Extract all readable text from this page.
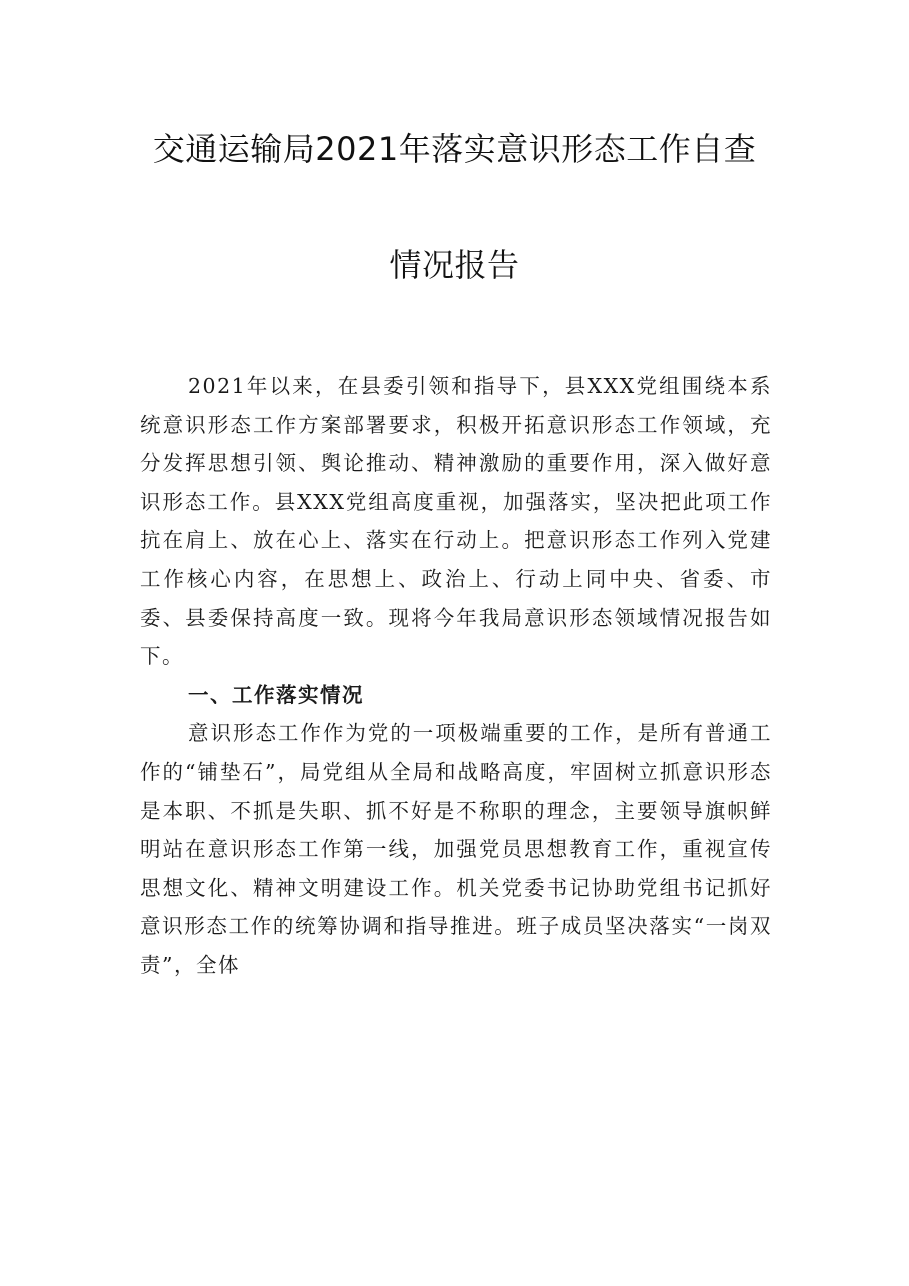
交通运输局2021年落实意识形态工作自查
情况报告

2021年以来，在县委引领和指导下，县XXX党组围绕本系统意识形态工作方案部署要求，积极开拓意识形态工作领域，充分发挥思想引领、舆论推动、精神激励的重要作用，深入做好意识形态工作。县XXX党组高度重视，加强落实，坚决把此项工作抗在肩上、放在心上、落实在行动上。把意识形态工作列入党建工作核心内容，在思想上、政治上、行动上同中央、省委、市委、县委保持高度一致。现将今年我局意识形态领域情况报告如下。

一、工作落实情况

意识形态工作作为党的一项极端重要的工作，是所有普通工作的“铺垫石”，局党组从全局和战略高度，牢固树立抓意识形态是本职、不抓是失职、抓不好是不称职的理念，主要领导旗帜鲜明站在意识形态工作第一线，加强党员思想教育工作，重视宣传思想文化、精神文明建设工作。机关党委书记协助党组书记抓好意识形态工作的统筹协调和指导推进。班子成员坚决落实“一岗双责”，全体
